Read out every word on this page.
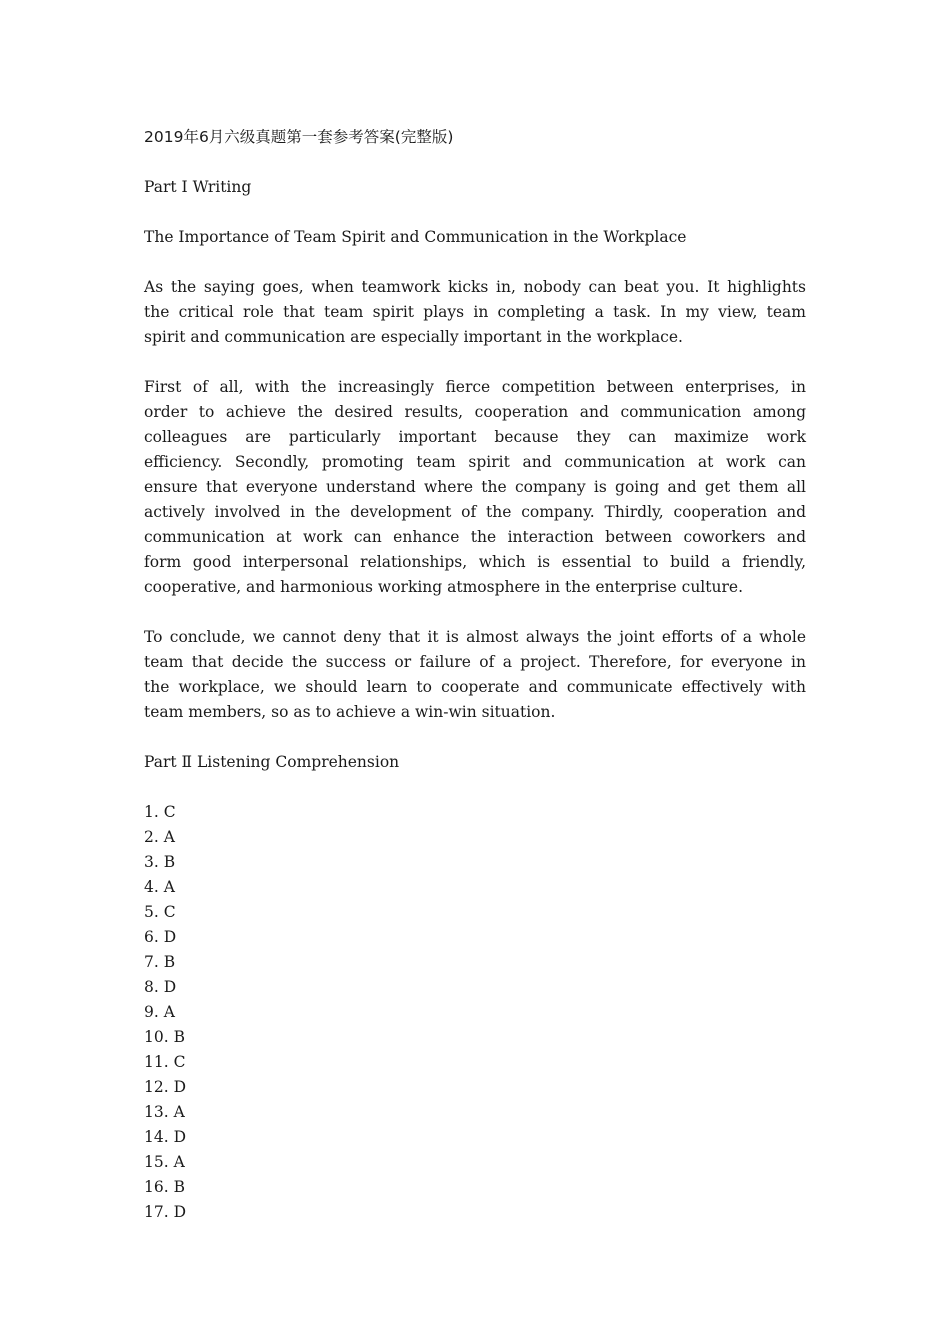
2019年6月六级真题第一套参考答案(完整版)
Part I Writing
The Importance of Team Spirit and Communication in the Workplace
As the saying goes, when teamwork kicks in, nobody can beat you. It highlights
the critical role that team spirit plays in completing a task. In my view, team
spirit and communication are especially important in the workplace.
First of all, with the increasingly fierce competition between enterprises, in
order to achieve the desired results, cooperation and communication among
colleagues are particularly important because they can maximize work
efficiency. Secondly, promoting team spirit and communication at work can
ensure that everyone understand where the company is going and get them all
actively involved in the development of the company. Thirdly, cooperation and
communication at work can enhance the interaction between coworkers and
form good interpersonal relationships, which is essential to build a friendly,
cooperative, and harmonious working atmosphere in the enterprise culture.
To conclude, we cannot deny that it is almost always the joint efforts of a whole
team that decide the success or failure of a project. Therefore, for everyone in
the workplace, we should learn to cooperate and communicate effectively with
team members, so as to achieve a win-win situation.
Part Ⅱ Listening Comprehension
1. C
2. A
3. B
4. A
5. C
6. D
7. B
8. D
9. A
10. B
11. C
12. D
13. A
14. D
15. A
16. B
17. D
